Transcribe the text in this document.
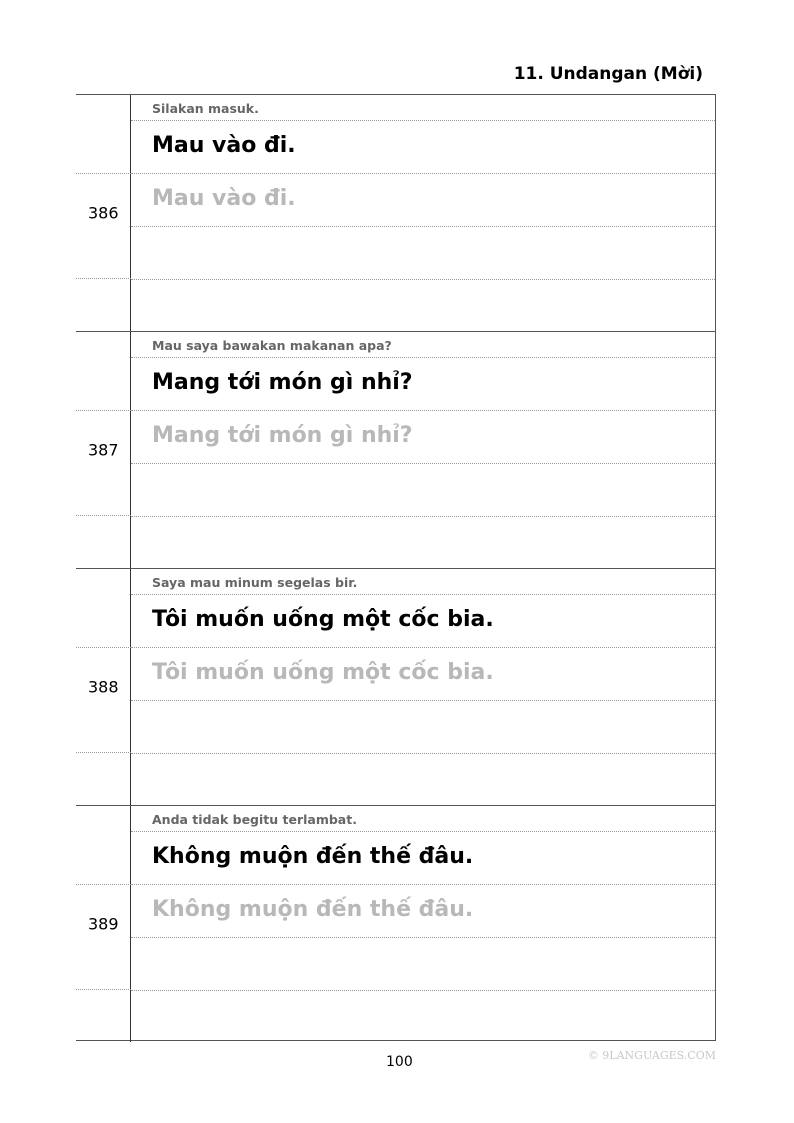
11. Undangan (Mời)
386
Silakan masuk.
Mau vào đi.
Mau vào đi.
387
Mau saya bawakan makanan apa?
Mang tới món gì nhỉ?
Mang tới món gì nhỉ?
388
Saya mau minum segelas bir.
Tôi muốn uống một cốc bia.
Tôi muốn uống một cốc bia.
389
Anda tidak begitu terlambat.
Không muộn đến thế đâu.
Không muộn đến thế đâu.
100	© 9LANGUAGES.COM
